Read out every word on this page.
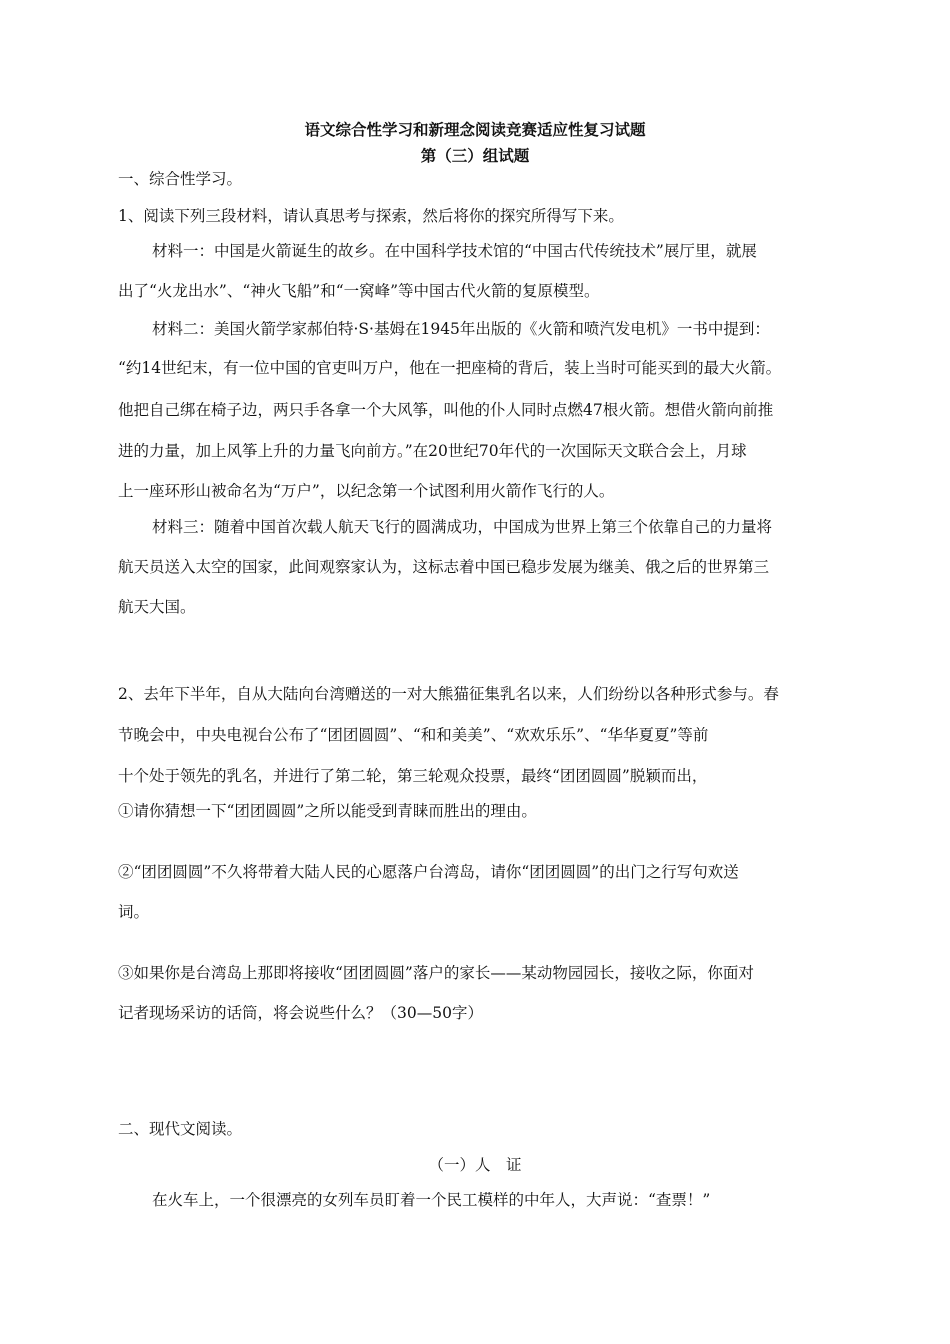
语文综合性学习和新理念阅读竞赛适应性复习试题
第（三）组试题
一、综合性学习。
1、阅读下列三段材料，请认真思考与探索，然后将你的探究所得写下来。
材料一：中国是火箭诞生的故乡。在中国科学技术馆的“中国古代传统技术”展厅里，就展
出了“火龙出水”、“神火飞船”和“一窝峰”等中国古代火箭的复原模型。
材料二：美国火箭学家郝伯特·S·基姆在1945年出版的《火箭和喷汽发电机》一书中提到：
“约14世纪末，有一位中国的官吏叫万户，他在一把座椅的背后，装上当时可能买到的最大火箭。
他把自己绑在椅子边，两只手各拿一个大风筝，叫他的仆人同时点燃47根火箭。想借火箭向前推
进的力量，加上风筝上升的力量飞向前方。”在20世纪70年代的一次国际天文联合会上，月球
上一座环形山被命名为“万户”，以纪念第一个试图利用火箭作飞行的人。
材料三：随着中国首次载人航天飞行的圆满成功，中国成为世界上第三个依靠自己的力量将
航天员送入太空的国家，此间观察家认为，这标志着中国已稳步发展为继美、俄之后的世界第三
航天大国。
2、去年下半年，自从大陆向台湾赠送的一对大熊猫征集乳名以来，人们纷纷以各种形式参与。春
节晚会中，中央电视台公布了“团团圆圆”、“和和美美”、“欢欢乐乐”、“华华夏夏”等前
十个处于领先的乳名，并进行了第二轮，第三轮观众投票，最终“团团圆圆”脱颖而出，
①请你猜想一下“团团圆圆”之所以能受到青睐而胜出的理由。
②“团团圆圆”不久将带着大陆人民的心愿落户台湾岛，请你“团团圆圆”的出门之行写句欢送
词。
③如果你是台湾岛上那即将接收“团团圆圆”落户的家长——某动物园园长，接收之际，你面对
记者现场采访的话筒，将会说些什么？（30—50字）
二、现代文阅读。
（一）人　证
在火车上，一个很漂亮的女列车员盯着一个民工模样的中年人，大声说：“查票！”
